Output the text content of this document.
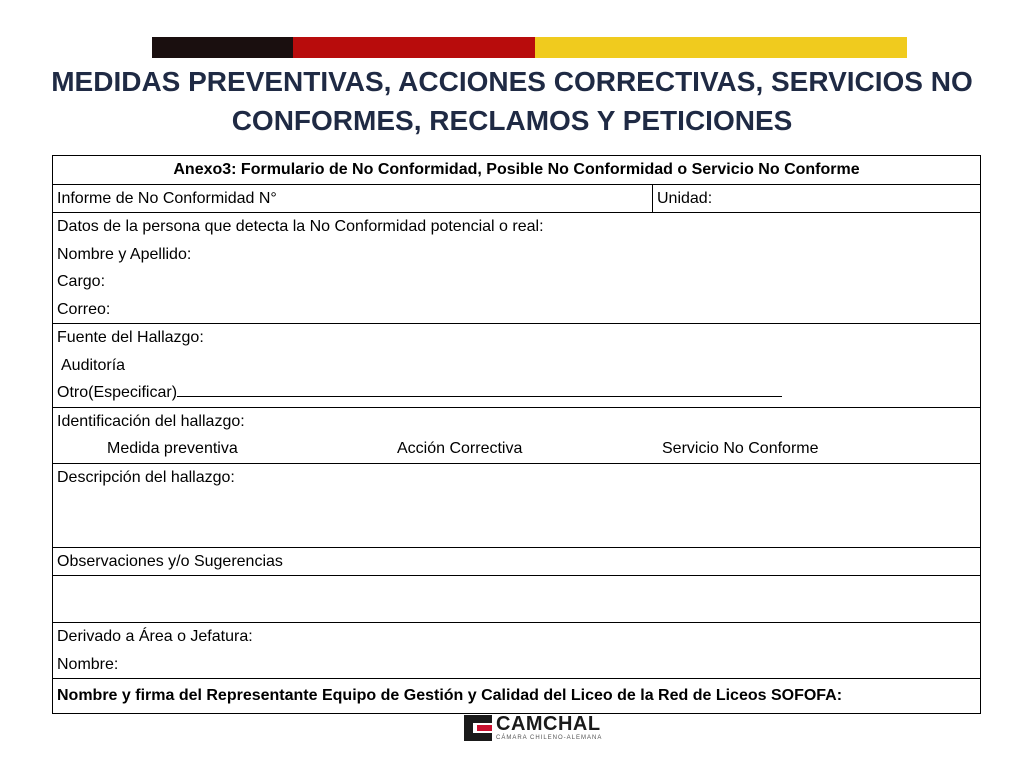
MEDIDAS PREVENTIVAS, ACCIONES CORRECTIVAS, SERVICIOS NO
CONFORMES, RECLAMOS Y PETICIONES
Anexo3: Formulario de No Conformidad, Posible No Conformidad o Servicio No Conforme
Informe de No Conformidad N°	Unidad:

Datos de la persona que detecta la No Conformidad potencial o real:
Nombre y Apellido:
Cargo:
Correo:

Fuente del Hallazgo:
Auditoría
Otro(Especificar)

Identificación del hallazgo:
Medida preventiva	Acción Correctiva	Servicio No Conforme

Descripción del hallazgo:

Observaciones y/o Sugerencias

Derivado a Área o Jefatura:
Nombre:

Nombre y firma del Representante Equipo de Gestión y Calidad del Liceo de la Red de Liceos SOFOFA:
CAMCHAL
CÁMARA CHILENO-ALEMANA
